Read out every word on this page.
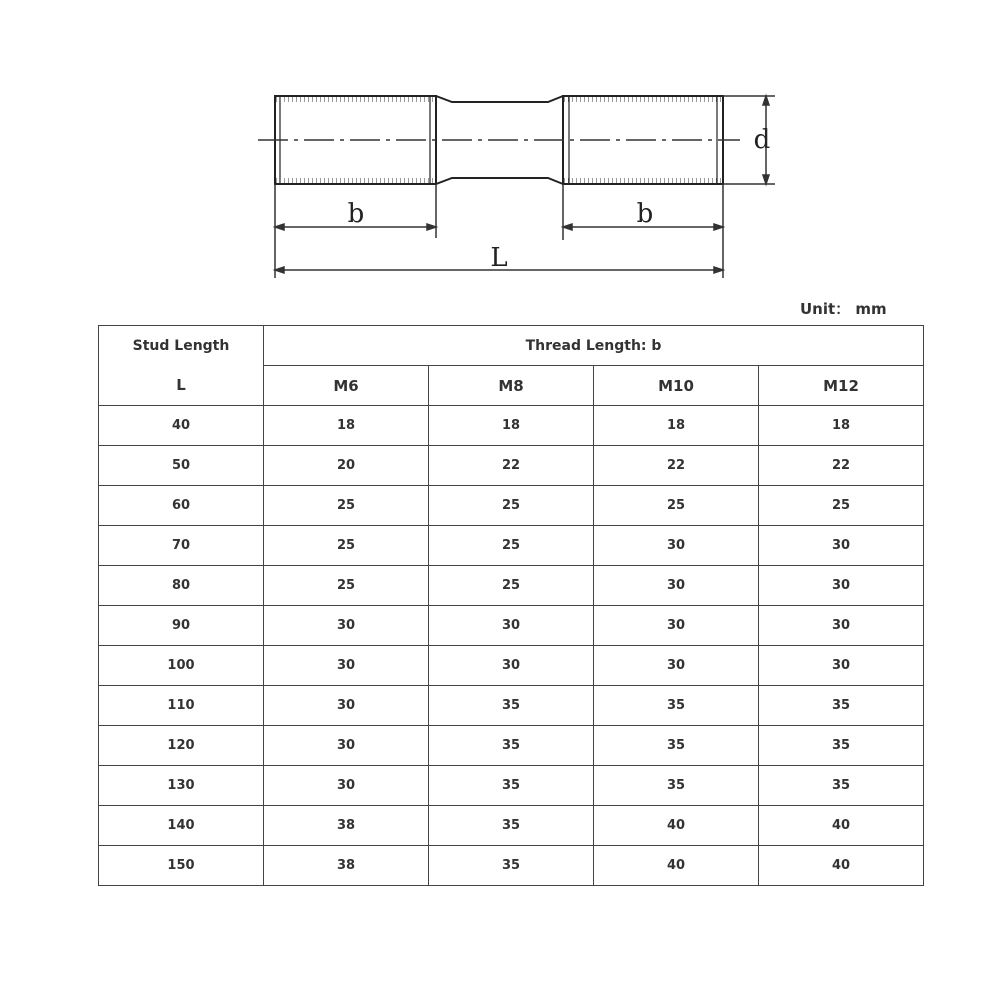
b	b
L
d
Unit： mm
Stud Length	Thread Length: b			
L	M6	M8	M10	M12
40	18	18	18	18
50	20	22	22	22
60	25	25	25	25
70	25	25	30	30
80	25	25	30	30
90	30	30	30	30
100	30	30	30	30
110	30	35	35	35
120	30	35	35	35
130	30	35	35	35
140	38	35	40	40
150	38	35	40	40
